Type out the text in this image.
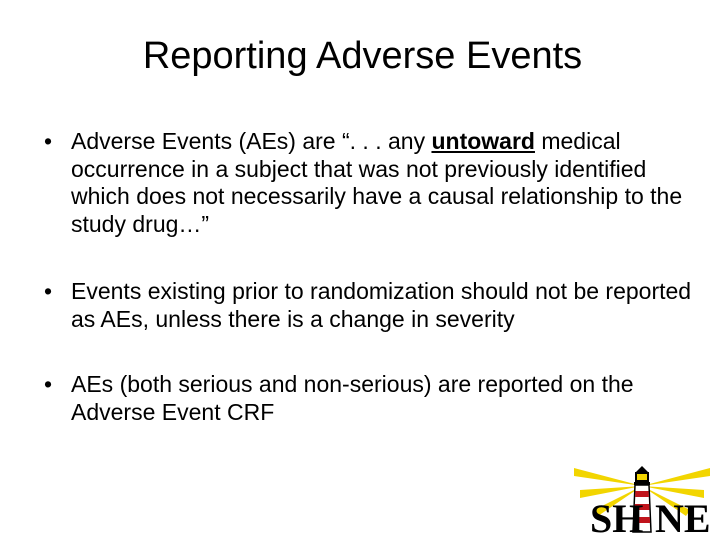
Reporting Adverse Events
• Adverse Events (AEs) are “. . . any untoward medical occurrence in a subject that was not previously identified which does not necessarily have a causal relationship to the study drug…”
• Events existing prior to randomization should not be reported as AEs, unless there is a change in severity
• AEs (both serious and non-serious) are reported on the Adverse Event CRF
SH NE
